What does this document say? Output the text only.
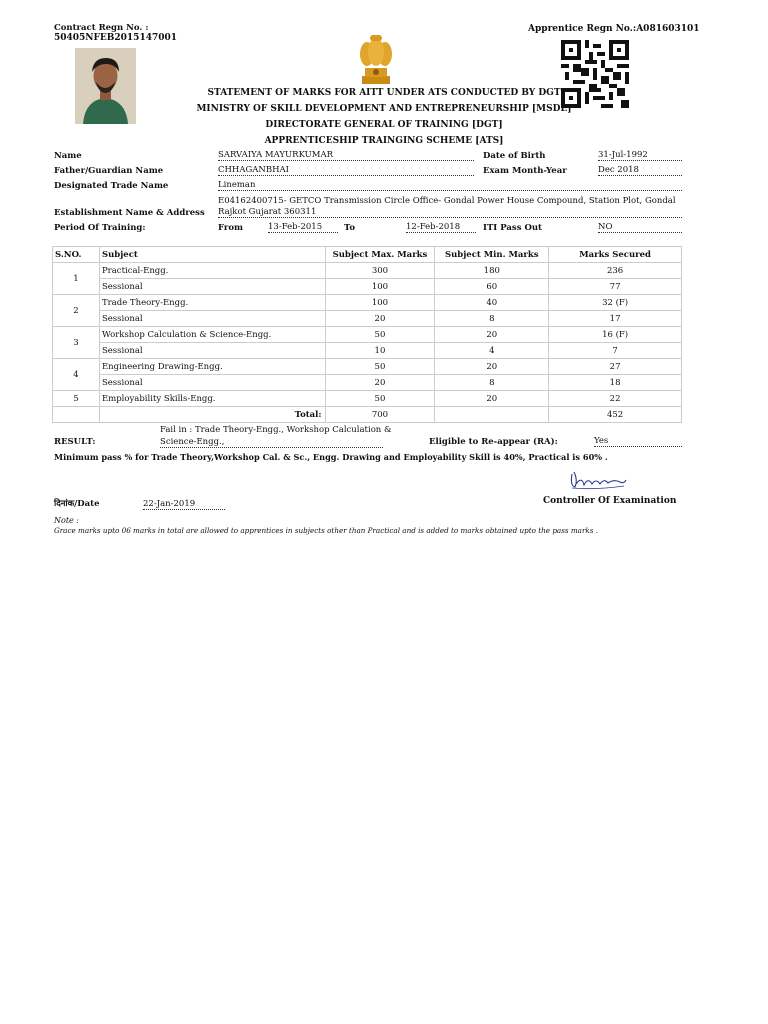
Contract Regn No. :
50405NFEB2015147001
Apprentice Regn No.:A081603101
STATEMENT OF MARKS FOR AITT UNDER ATS CONDUCTED BY DGT
MINISTRY OF SKILL DEVELOPMENT AND ENTREPRENEURSHIP [MSDE]
DIRECTORATE GENERAL OF TRAINING [DGT]
APPRENTICESHIP TRAINGING SCHEME [ATS]
Name	SARVAIYA MAYURKUMAR	Date of Birth	31-Jul-1992
Father/Guardian Name	CHHAGANBHAI	Exam Month-Year	Dec 2018
Designated Trade Name	Lineman
E04162400715- GETCO Transmission Circle Office- Gondal Power House Compound, Station Plot, Gondal
Establishment Name & Address Rajkot Gujarat 360311
Period Of Training:	From	13-Feb-2015	To	12-Feb-2018	ITI Pass Out	NO
S.NO.	Subject	Subject Max. Marks	Subject Min. Marks	Marks Secured
1	Practical-Engg.	300	180	236
	Sessional	100	60	77
2	Trade Theory-Engg.	100	40	32 (F)
	Sessional	20	8	17
3	Workshop Calculation & Science-Engg.	50	20	16 (F)
	Sessional	10	4	7
4	Engineering Drawing-Engg.	50	20	27
	Sessional	20	8	18
5	Employability Skills-Engg.	50	20	22
	Total:	700		452
Fail in : Trade Theory-Engg., Workshop Calculation &
RESULT:	Science-Engg.,	Eligible to Re-appear (RA):	Yes
Minimum pass % for Trade Theory,Workshop Cal. & Sc., Engg. Drawing and Employability Skill is 40%, Practical is 60% .
Controller Of Examination
दिनांक/Date	22-Jan-2019
Note :
Grace marks upto 06 marks in total are allowed to apprentices in subjects other than Practical and is added to marks obtained upto the pass marks .
